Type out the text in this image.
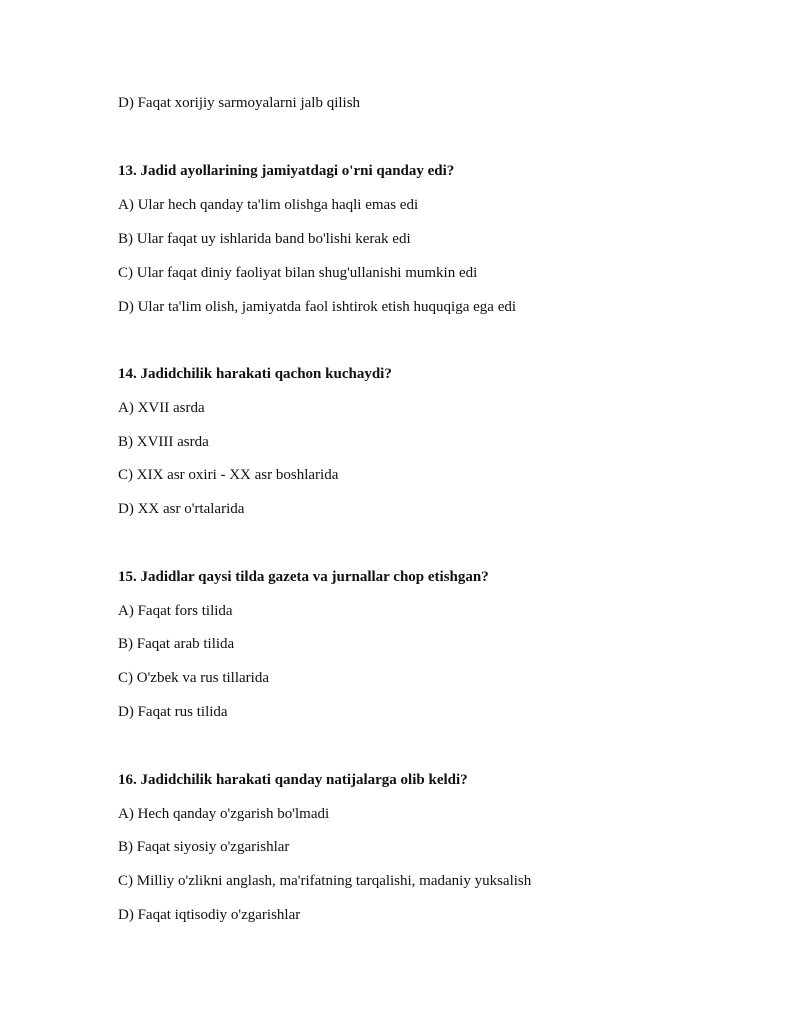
D) Faqat xorijiy sarmoyalarni jalb qilish
13. Jadid ayollarining jamiyatdagi o'rni qanday edi?
A) Ular hech qanday ta'lim olishga haqli emas edi
B) Ular faqat uy ishlarida band bo'lishi kerak edi
C) Ular faqat diniy faoliyat bilan shug'ullanishi mumkin edi
D) Ular ta'lim olish, jamiyatda faol ishtirok etish huquqiga ega edi
14. Jadidchilik harakati qachon kuchaydi?
A) XVII asrda
B) XVIII asrda
C) XIX asr oxiri - XX asr boshlarida
D) XX asr o'rtalarida
15. Jadidlar qaysi tilda gazeta va jurnallar chop etishgan?
A) Faqat fors tilida
B) Faqat arab tilida
C) O'zbek va rus tillarida
D) Faqat rus tilida
16. Jadidchilik harakati qanday natijalarga olib keldi?
A) Hech qanday o'zgarish bo'lmadi
B) Faqat siyosiy o'zgarishlar
C) Milliy o'zlikni anglash, ma'rifatning tarqalishi, madaniy yuksalish
D) Faqat iqtisodiy o'zgarishlar
